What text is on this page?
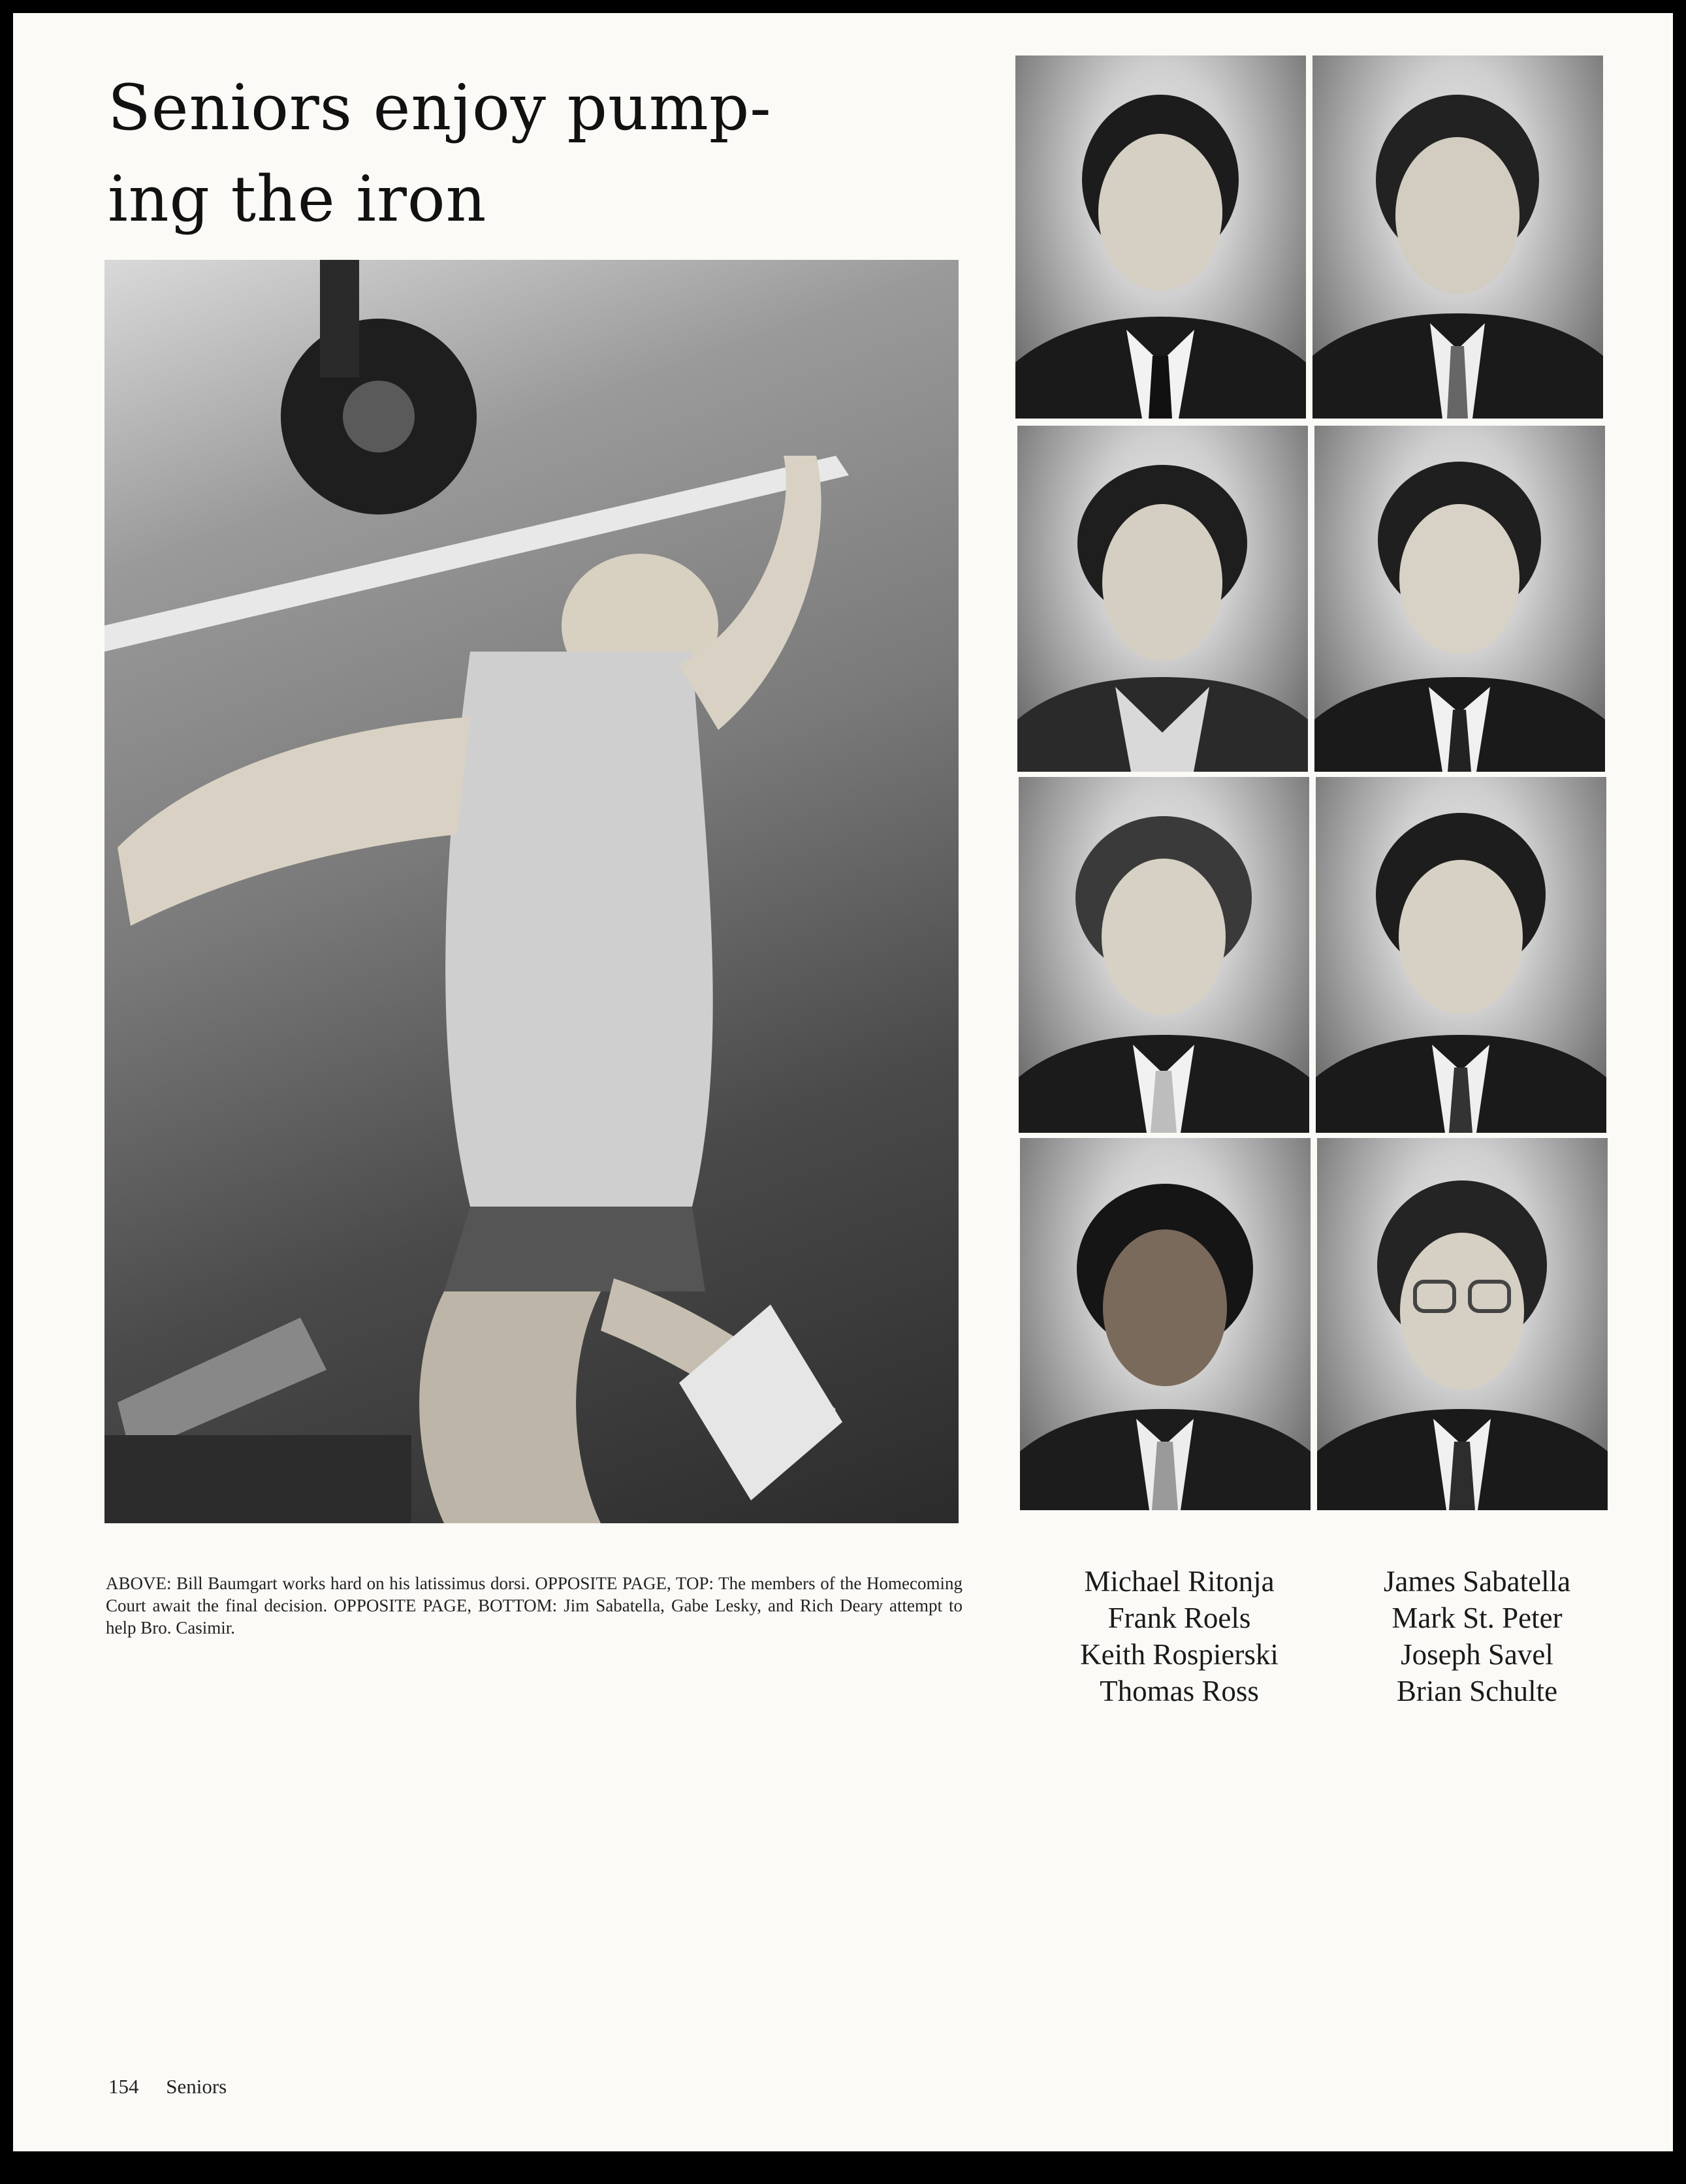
Seniors enjoy pump-
ing the iron

ABOVE: Bill Baumgart works hard on his latissimus dorsi. OPPOSITE PAGE, TOP: The members of the Homecoming Court await the final decision. OPPOSITE PAGE, BOTTOM: Jim Sabatella, Gabe Lesky, and Rich Deary attempt to help Bro. Casimir.

Michael Ritonja
Frank Roels
Keith Rospierski
Thomas Ross
James Sabatella
Mark St. Peter
Joseph Savel
Brian Schulte
154 Seniors
